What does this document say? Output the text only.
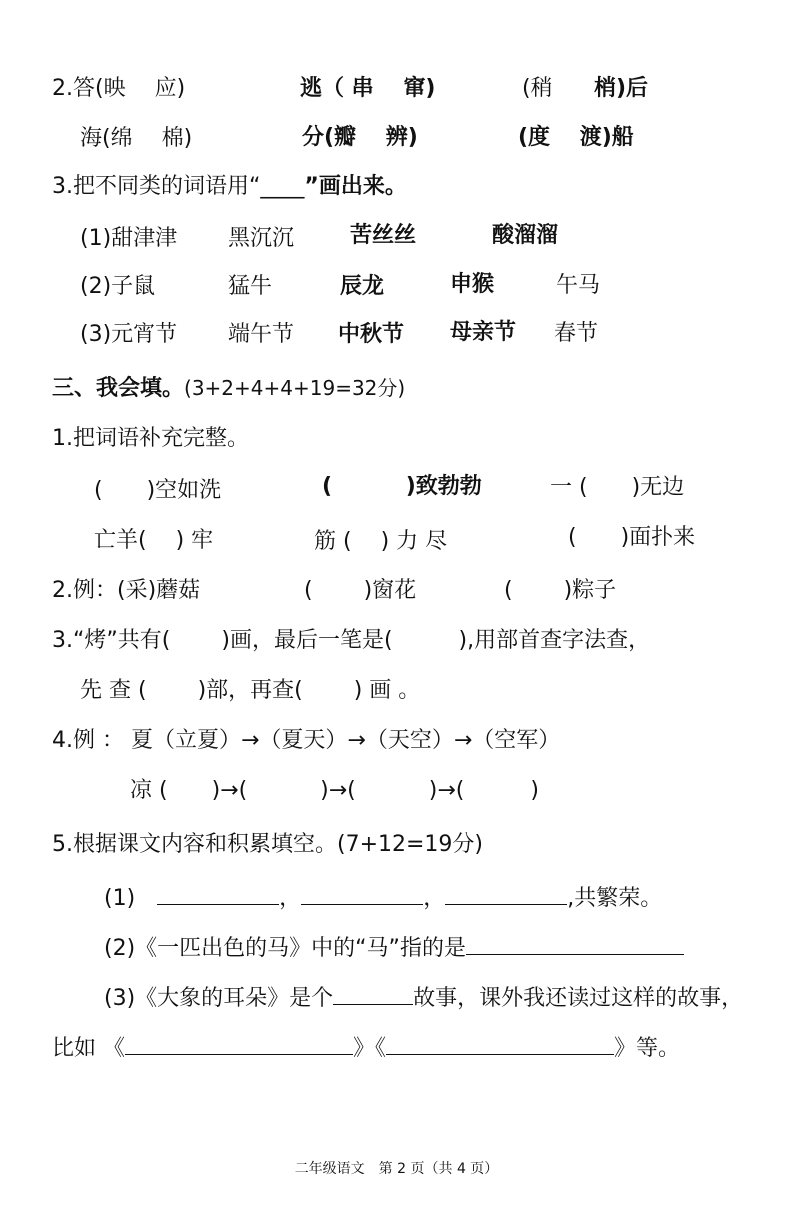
2.答(映　 应)	逃（ 串　 窜)	(稍　 梢)后
海(绵　 棉)	分(瓣　 辨)	(度　 渡)船
3.把不同类的词语用“____”画出来。
(1)甜津津 黑沉沉	苦丝丝	酸溜溜
(2)子鼠	猛牛	辰龙	申猴	午马
(3)元宵节 端午节 中秋节 母亲节 春节
三、我会填。(3+2+4+4+19=32分)
1.把词语补充完整。
(　　)空如洗	(　　　 )致勃勃	一 (　　)无边
亡羊(　 ) 牢	筋 (　 ) 力 尽	(　　)面扑来
2.例：(采)蘑菇	(　　 )窗花	(　　 )粽子
3.“烤”共有(　　 )画，最后一笔是(　　　),用部首查字法查，
先 查 (　　 )部，再查(　　 ) 画 。
4.例 ： 夏（立夏）→（夏天）→（天空）→（空军）
凉 (　　)→(　　　 )→(　　　 )→(　　　)
5.根据课文内容和积累填空。(7+12=19分)
(1)	，	，	,共繁荣。
(2)《一匹出色的马》中的“马”指的是
(3)《大象的耳朵》是个	故事，课外我还读过这样的故事，
比如 《	》《	》等。
二年级语文　第 2 页（共 4 页）
